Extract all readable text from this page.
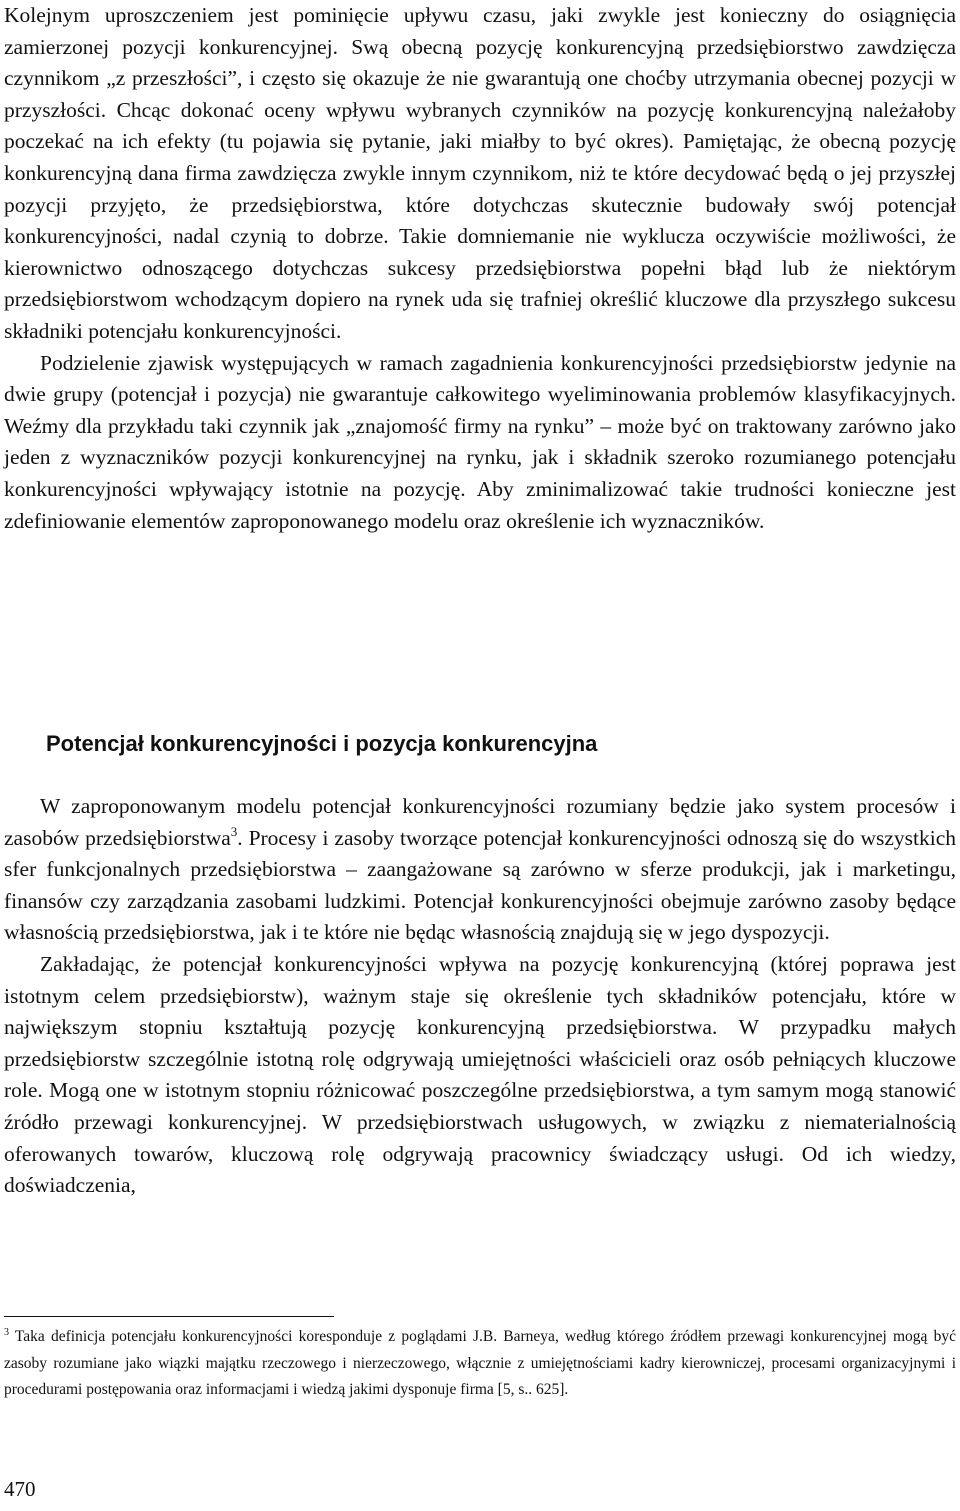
Kolejnym uproszczeniem jest pominięcie upływu czasu, jaki zwykle jest konieczny do osiągnięcia zamierzonej pozycji konkurencyjnej. Swą obecną pozycję konkurencyjną przedsiębiorstwo zawdzięcza czynnikom „z przeszłości”, i często się okazuje że nie gwarantują one choćby utrzymania obecnej pozycji w przyszłości. Chcąc dokonać oceny wpływu wybranych czynników na pozycję konkurencyjną należałoby poczekać na ich efekty (tu pojawia się pytanie, jaki miałby to być okres). Pamiętając, że obecną pozycję konkurencyjną dana firma zawdzięcza zwykle innym czynnikom, niż te które decydować będą o jej przyszłej pozycji przyjęto, że przedsiębiorstwa, które dotychczas skutecznie budowały swój potencjał konkurencyjności, nadal czynią to dobrze. Takie domniemanie nie wyklucza oczywiście możliwości, że kierownictwo odnoszącego dotychczas sukcesy przedsiębiorstwa popełni błąd lub że niektórym przedsiębiorstwom wchodzącym dopiero na rynek uda się trafniej określić kluczowe dla przyszłego sukcesu składniki potencjału konkurencyjności.

Podzielenie zjawisk występujących w ramach zagadnienia konkurencyjności przedsiębiorstw jedynie na dwie grupy (potencjał i pozycja) nie gwarantuje całkowitego wyeliminowania problemów klasyfikacyjnych. Weźmy dla przykładu taki czynnik jak „znajomość firmy na rynku” – może być on traktowany zarówno jako jeden z wyznaczników pozycji konkurencyjnej na rynku, jak i składnik szeroko rozumianego potencjału konkurencyjności wpływający istotnie na pozycję. Aby zminimalizować takie trudności konieczne jest zdefiniowanie elementów zaproponowanego modelu oraz określenie ich wyznaczników.

Potencjał konkurencyjności i pozycja konkurencyjna

W zaproponowanym modelu potencjał konkurencyjności rozumiany będzie jako system procesów i zasobów przedsiębiorstwa$^3$. Procesy i zasoby tworzące potencjał konkurencyjności odnoszą się do wszystkich sfer funkcjonalnych przedsiębiorstwa – zaangażowane są zarówno w sferze produkcji, jak i marketingu, finansów czy zarządzania zasobami ludzkimi. Potencjał konkurencyjności obejmuje zarówno zasoby będące własnością przedsiębiorstwa, jak i te które nie będąc własnością znajdują się w jego dyspozycji.

Zakładając, że potencjał konkurencyjności wpływa na pozycję konkurencyjną (której poprawa jest istotnym celem przedsiębiorstw), ważnym staje się określenie tych składników potencjału, które w największym stopniu kształtują pozycję konkurencyjną przedsiębiorstwa. W przypadku małych przedsiębiorstw szczególnie istotną rolę odgrywają umiejętności właścicieli oraz osób pełniących kluczowe role. Mogą one w istotnym stopniu różnicować poszczególne przedsiębiorstwa, a tym samym mogą stanowić źródło przewagi konkurencyjnej. W przedsiębiorstwach usługowych, w związku z niematerialnością oferowanych towarów, kluczową rolę odgrywają pracownicy świadczący usługi. Od ich wiedzy, doświadczenia,

$^3$ Taka definicja potencjału konkurencyjności koresponduje z poglądami J.B. Barneya, według którego źródłem przewagi konkurencyjnej mogą być zasoby rozumiane jako wiązki majątku rzeczowego i nierzeczowego, włącznie z umiejętnościami kadry kierowniczej, procesami organizacyjnymi i procedurami postępowania oraz informacjami i wiedzą jakimi dysponuje firma [5, s.. 625].

470
